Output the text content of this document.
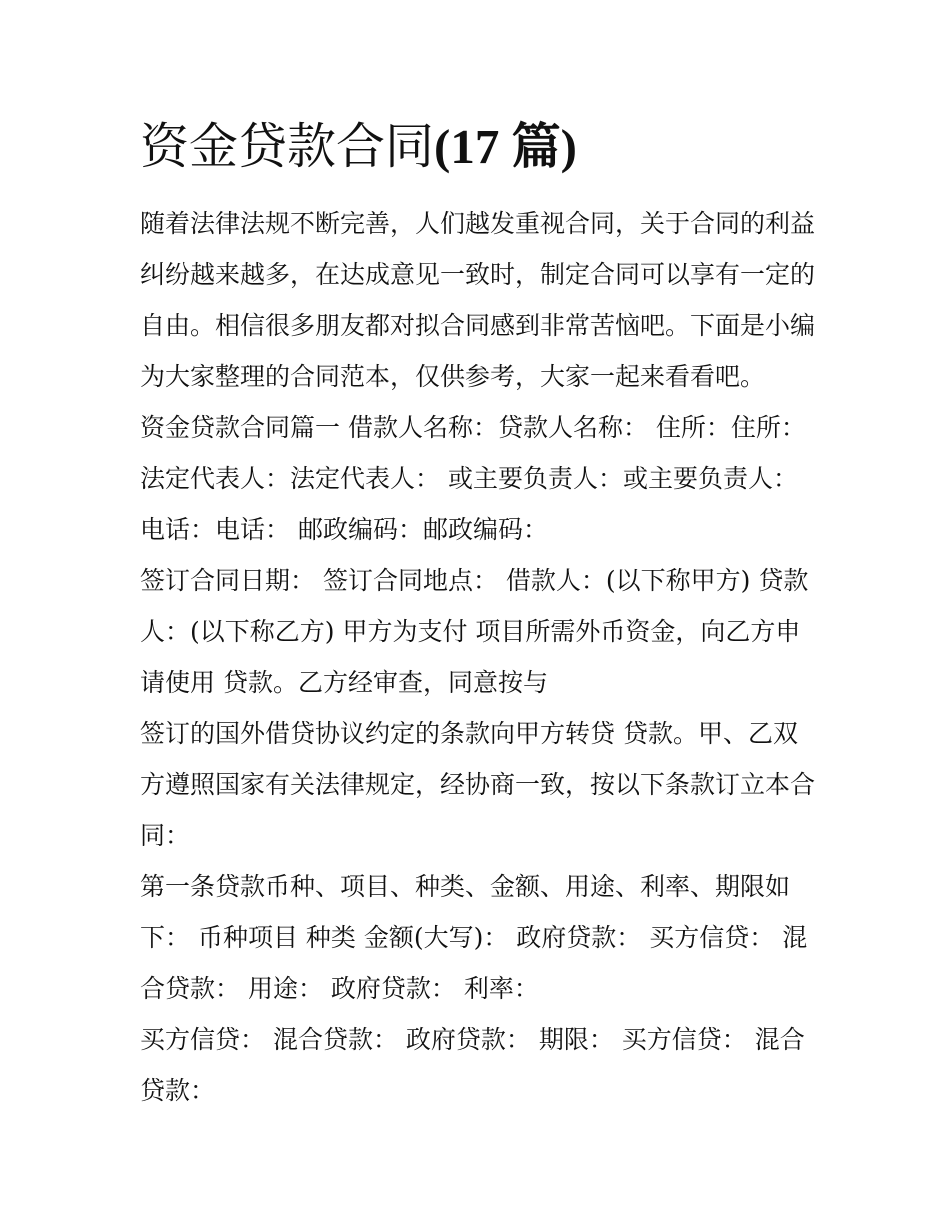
资金贷款合同(17 篇)

随着法律法规不断完善，人们越发重视合同，关于合同的利益

纠纷越来越多，在达成意见一致时，制定合同可以享有一定的

自由。相信很多朋友都对拟合同感到非常苦恼吧。下面是小编

为大家整理的合同范本，仅供参考，大家一起来看看吧。

资金贷款合同篇一 借款人名称：贷款人名称： 住所：住所：

法定代表人：法定代表人： 或主要负责人：或主要负责人：

电话：电话： 邮政编码：邮政编码：

签订合同日期： 签订合同地点： 借款人：(以下称甲方) 贷款

人：(以下称乙方) 甲方为支付 项目所需外币资金，向乙方申

请使用 贷款。乙方经审查，同意按与

签订的国外借贷协议约定的条款向甲方转贷 贷款。甲、乙双

方遵照国家有关法律规定，经协商一致，按以下条款订立本合

同：

第一条贷款币种、项目、种类、金额、用途、利率、期限如

下： 币种项目 种类 金额(大写)： 政府贷款： 买方信贷： 混

合贷款： 用途： 政府贷款： 利率：

买方信贷： 混合贷款： 政府贷款： 期限： 买方信贷： 混合

贷款：
